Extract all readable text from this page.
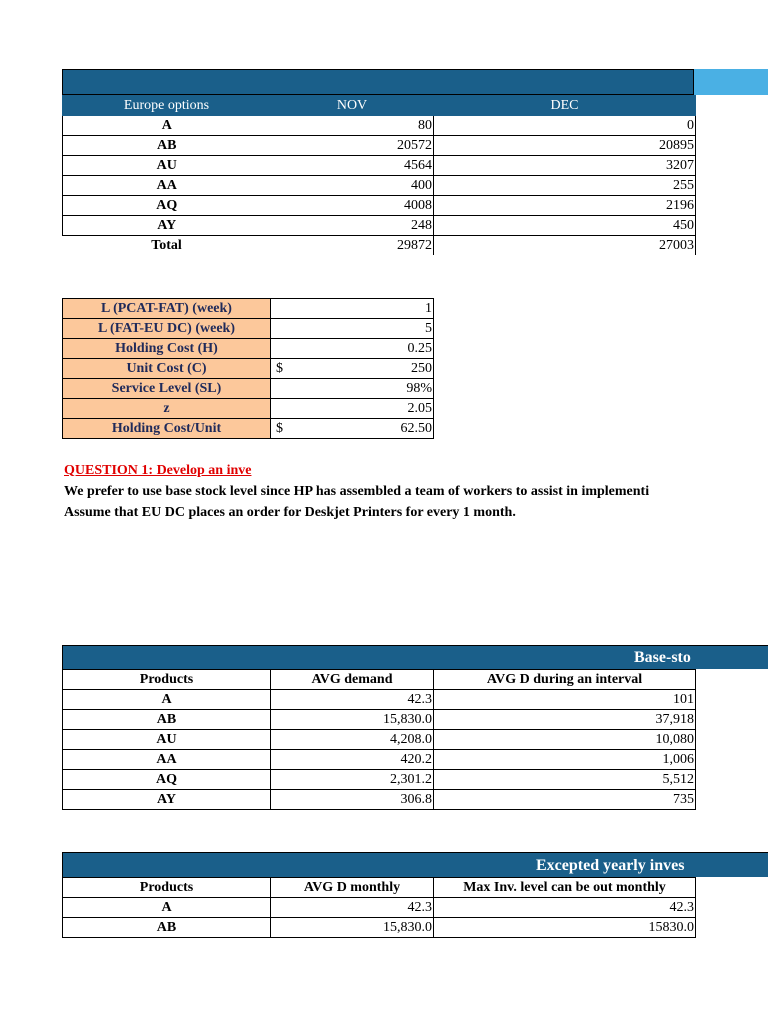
Europe options	NOV	DEC
A	80	0
AB	20572	20895
AU	4564	3207
AA	400	255
AQ	4008	2196
AY	248	450
Total	29872	27003
L (PCAT-FAT) (week)	1
L (FAT-EU DC) (week)	5
Holding Cost (H)	0.25
Unit Cost (C)	$ 250
Service Level (SL)	98%
z	2.05
Holding Cost/Unit	$ 62.50
QUESTION 1: Develop an inve
We prefer to use base stock level since HP has assembled a team of workers to assist in implementi
Assume that EU DC places an order for Deskjet Printers for every 1 month.
Base-sto
Products	AVG demand	AVG D during an interval
A	42.3	101
AB	15,830.0	37,918
AU	4,208.0	10,080
AA	420.2	1,006
AQ	2,301.2	5,512
AY	306.8	735
Excepted yearly inves
Products	AVG D monthly	Max Inv. level can be out monthly
A	42.3	42.3
AB	15,830.0	15830.0
